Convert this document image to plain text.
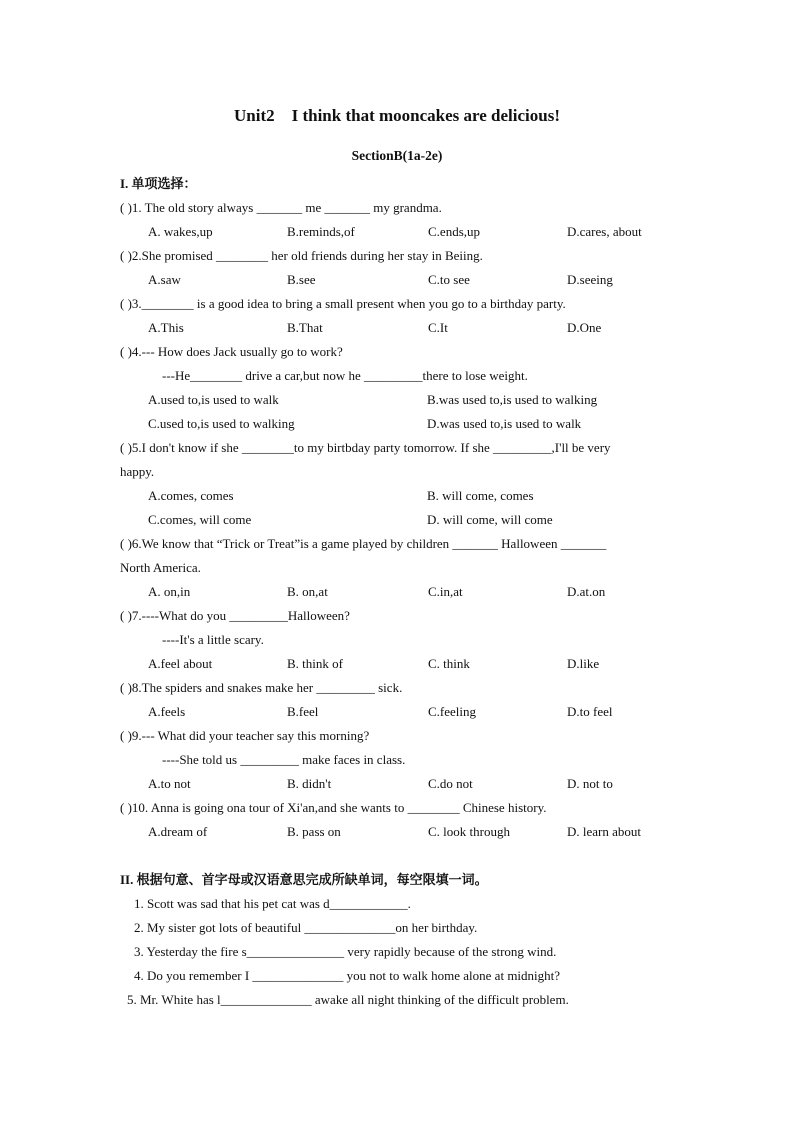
Unit2    I think that mooncakes are delicious!
SectionB(1a-2e)
I. 单项选择：
( )1. The old story always _______ me _______ my grandma.
A. wakes,up	B.reminds,of	C.ends,up	D.cares, about
( )2.She promised ________ her old friends during her stay in Beiing.
A.saw	B.see	C.to see	D.seeing
( )3.________ is a good idea to bring a small present when you go to a birthday party.
A.This	B.That	C.It	D.One
( )4.--- How does Jack usually go to work?
---He________ drive a car,but now he _________there to lose weight.
A.used to,is used to walk	B.was used to,is used to walking
C.used to,is used to walking	D.was used to,is used to walk
( )5.I don't know if she ________to my birtbday party tomorrow. If she _________,I'll be very
happy.
A.comes, comes	B. will come, comes
C.comes, will come	D. will come, will come
( )6.We know that “Trick or Treat”is a game played by children _______ Halloween _______
North America.
A. on,in	B. on,at	C.in,at	D.at.on
( )7.----What do you _________Halloween?
----It's a little scary.
A.feel about	B. think of	C. think	D.like
( )8.The spiders and snakes make her _________ sick.
A.feels	B.feel	C.feeling	D.to feel
( )9.--- What did your teacher say this morning?
----She told us _________ make faces in class.
A.to not	B. didn't	C.do not	D. not to
( )10. Anna is going ona tour of Xi'an,and she wants to ________ Chinese history.
A.dream of	B. pass on	C. look through	D. learn about
II. 根据句意、首字母或汉语意思完成所缺单词，每空限填一词。
1. Scott was sad that his pet cat was d____________.
2. My sister got lots of beautiful ______________on her birthday.
3. Yesterday the fire s_______________ very rapidly because of the strong wind.
4. Do you remember I ______________ you not to walk home alone at midnight?
5. Mr. White has l______________ awake all night thinking of the difficult problem.
